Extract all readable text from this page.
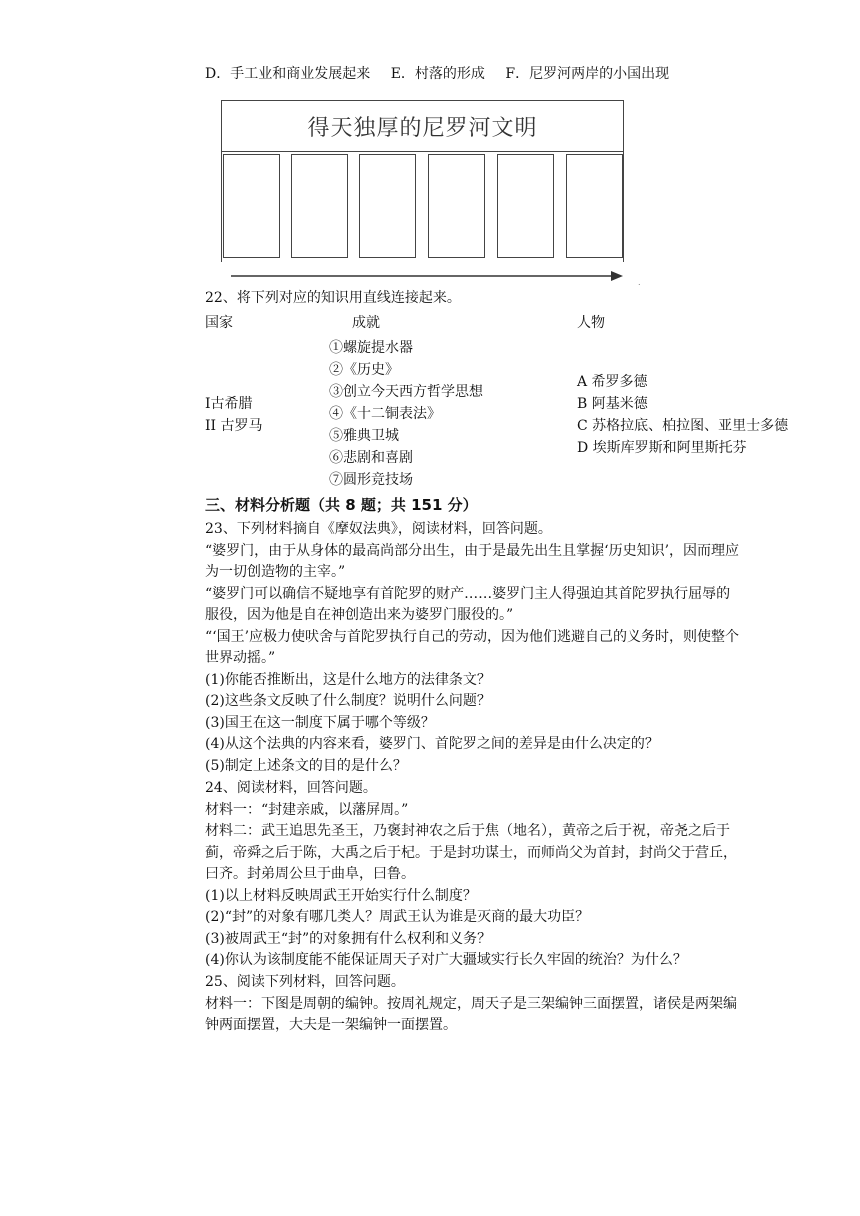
D．手工业和商业发展起来 E．村落的形成 F．尼罗河两岸的小国出现
得天独厚的尼罗河文明
.
22、将下列对应的知识用直线连接起来。
国家	成就	人物
I古希腊
II 古罗马
①螺旋提水器
②《历史》
③创立今天西方哲学思想
④《十二铜表法》
⑤雅典卫城
⑥悲剧和喜剧
⑦圆形竞技场
A 希罗多德
B 阿基米德
C 苏格拉底、柏拉图、亚里士多德
D 埃斯库罗斯和阿里斯托芬
三、材料分析题（共 8 题；共 151 分）
23、下列材料摘自《摩奴法典》，阅读材料，回答问题。
“婆罗门，由于从身体的最高尚部分出生，由于是最先出生且掌握‘历史知识’，因而理应
为一切创造物的主宰。”
“婆罗门可以确信不疑地享有首陀罗的财产……婆罗门主人得强迫其首陀罗执行屈辱的
服役，因为他是自在神创造出来为婆罗门服役的。”
“‘国王’应极力使吠舍与首陀罗执行自己的劳动，因为他们逃避自己的义务时，则使整个
世界动摇。”
(1)你能否推断出，这是什么地方的法律条文？
(2)这些条文反映了什么制度？说明什么问题？
(3)国王在这一制度下属于哪个等级？
(4)从这个法典的内容来看，婆罗门、首陀罗之间的差异是由什么决定的？
(5)制定上述条文的目的是什么？
24、阅读材料，回答问题。
材料一：“封建亲戚，以藩屏周。”
材料二：武王追思先圣王，乃褒封神农之后于焦（地名），黄帝之后于祝，帝尧之后于
蓟，帝舜之后于陈，大禹之后于杞。于是封功谋士，而师尚父为首封，封尚父于营丘，
曰齐。封弟周公旦于曲阜，曰鲁。
(1)以上材料反映周武王开始实行什么制度？
(2)“封”的对象有哪几类人？周武王认为谁是灭商的最大功臣？
(3)被周武王“封”的对象拥有什么权利和义务？
(4)你认为该制度能不能保证周天子对广大疆域实行长久牢固的统治？为什么？
25、阅读下列材料，回答问题。
材料一：下图是周朝的编钟。按周礼规定，周天子是三架编钟三面摆置，诸侯是两架编
钟两面摆置，大夫是一架编钟一面摆置。
